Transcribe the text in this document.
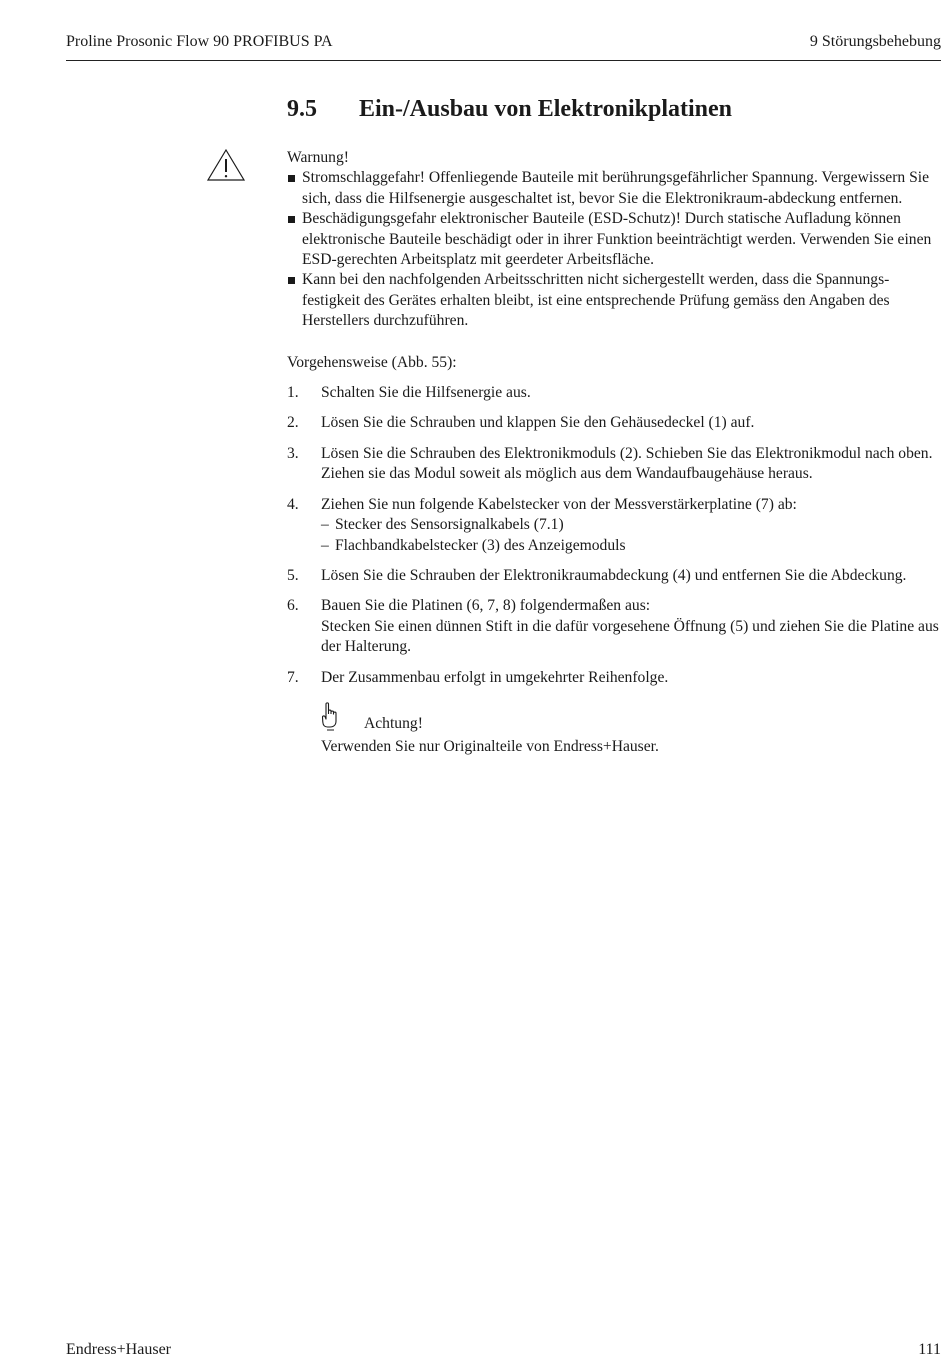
Proline Prosonic Flow 90 PROFIBUS PA	9 Störungsbehebung
9.5 Ein-/Ausbau von Elektronikplatinen

Warnung!

Stromschlaggefahr! Offenliegende Bauteile mit berührungsgefährlicher Spannung. Vergewissern Sie sich, dass die Hilfsenergie ausgeschaltet ist, bevor Sie die Elektronikraum-abdeckung entfernen.
Beschädigungsgefahr elektronischer Bauteile (ESD-Schutz)! Durch statische Aufladung können elektronische Bauteile beschädigt oder in ihrer Funktion beeinträchtigt werden. Verwenden Sie einen ESD-gerechten Arbeitsplatz mit geerdeter Arbeitsfläche.
Kann bei den nachfolgenden Arbeitsschritten nicht sichergestellt werden, dass die Spannungs-festigkeit des Gerätes erhalten bleibt, ist eine entsprechende Prüfung gemäss den Angaben des Herstellers durchzuführen.

Vorgehensweise (Abb. 55):

1. Schalten Sie die Hilfsenergie aus.
2. Lösen Sie die Schrauben und klappen Sie den Gehäusedeckel (1) auf.
3. Lösen Sie die Schrauben des Elektronikmoduls (2). Schieben Sie das Elektronikmodul nach oben. Ziehen sie das Modul soweit als möglich aus dem Wandaufbaugehäuse heraus.
4. Ziehen Sie nun folgende Kabelstecker von der Messverstärkerplatine (7) ab:
– Stecker des Sensorsignalkabels (7.1)
– Flachbandkabelstecker (3) des Anzeigemoduls
5. Lösen Sie die Schrauben der Elektronikraumabdeckung (4) und entfernen Sie die Abdeckung.
6. Bauen Sie die Platinen (6, 7, 8) folgendermaßen aus:
Stecken Sie einen dünnen Stift in die dafür vorgesehene Öffnung (5) und ziehen Sie die Platine aus der Halterung.
7. Der Zusammenbau erfolgt in umgekehrter Reihenfolge.
Achtung!
Verwenden Sie nur Originalteile von Endress+Hauser.
Endress+Hauser	111
